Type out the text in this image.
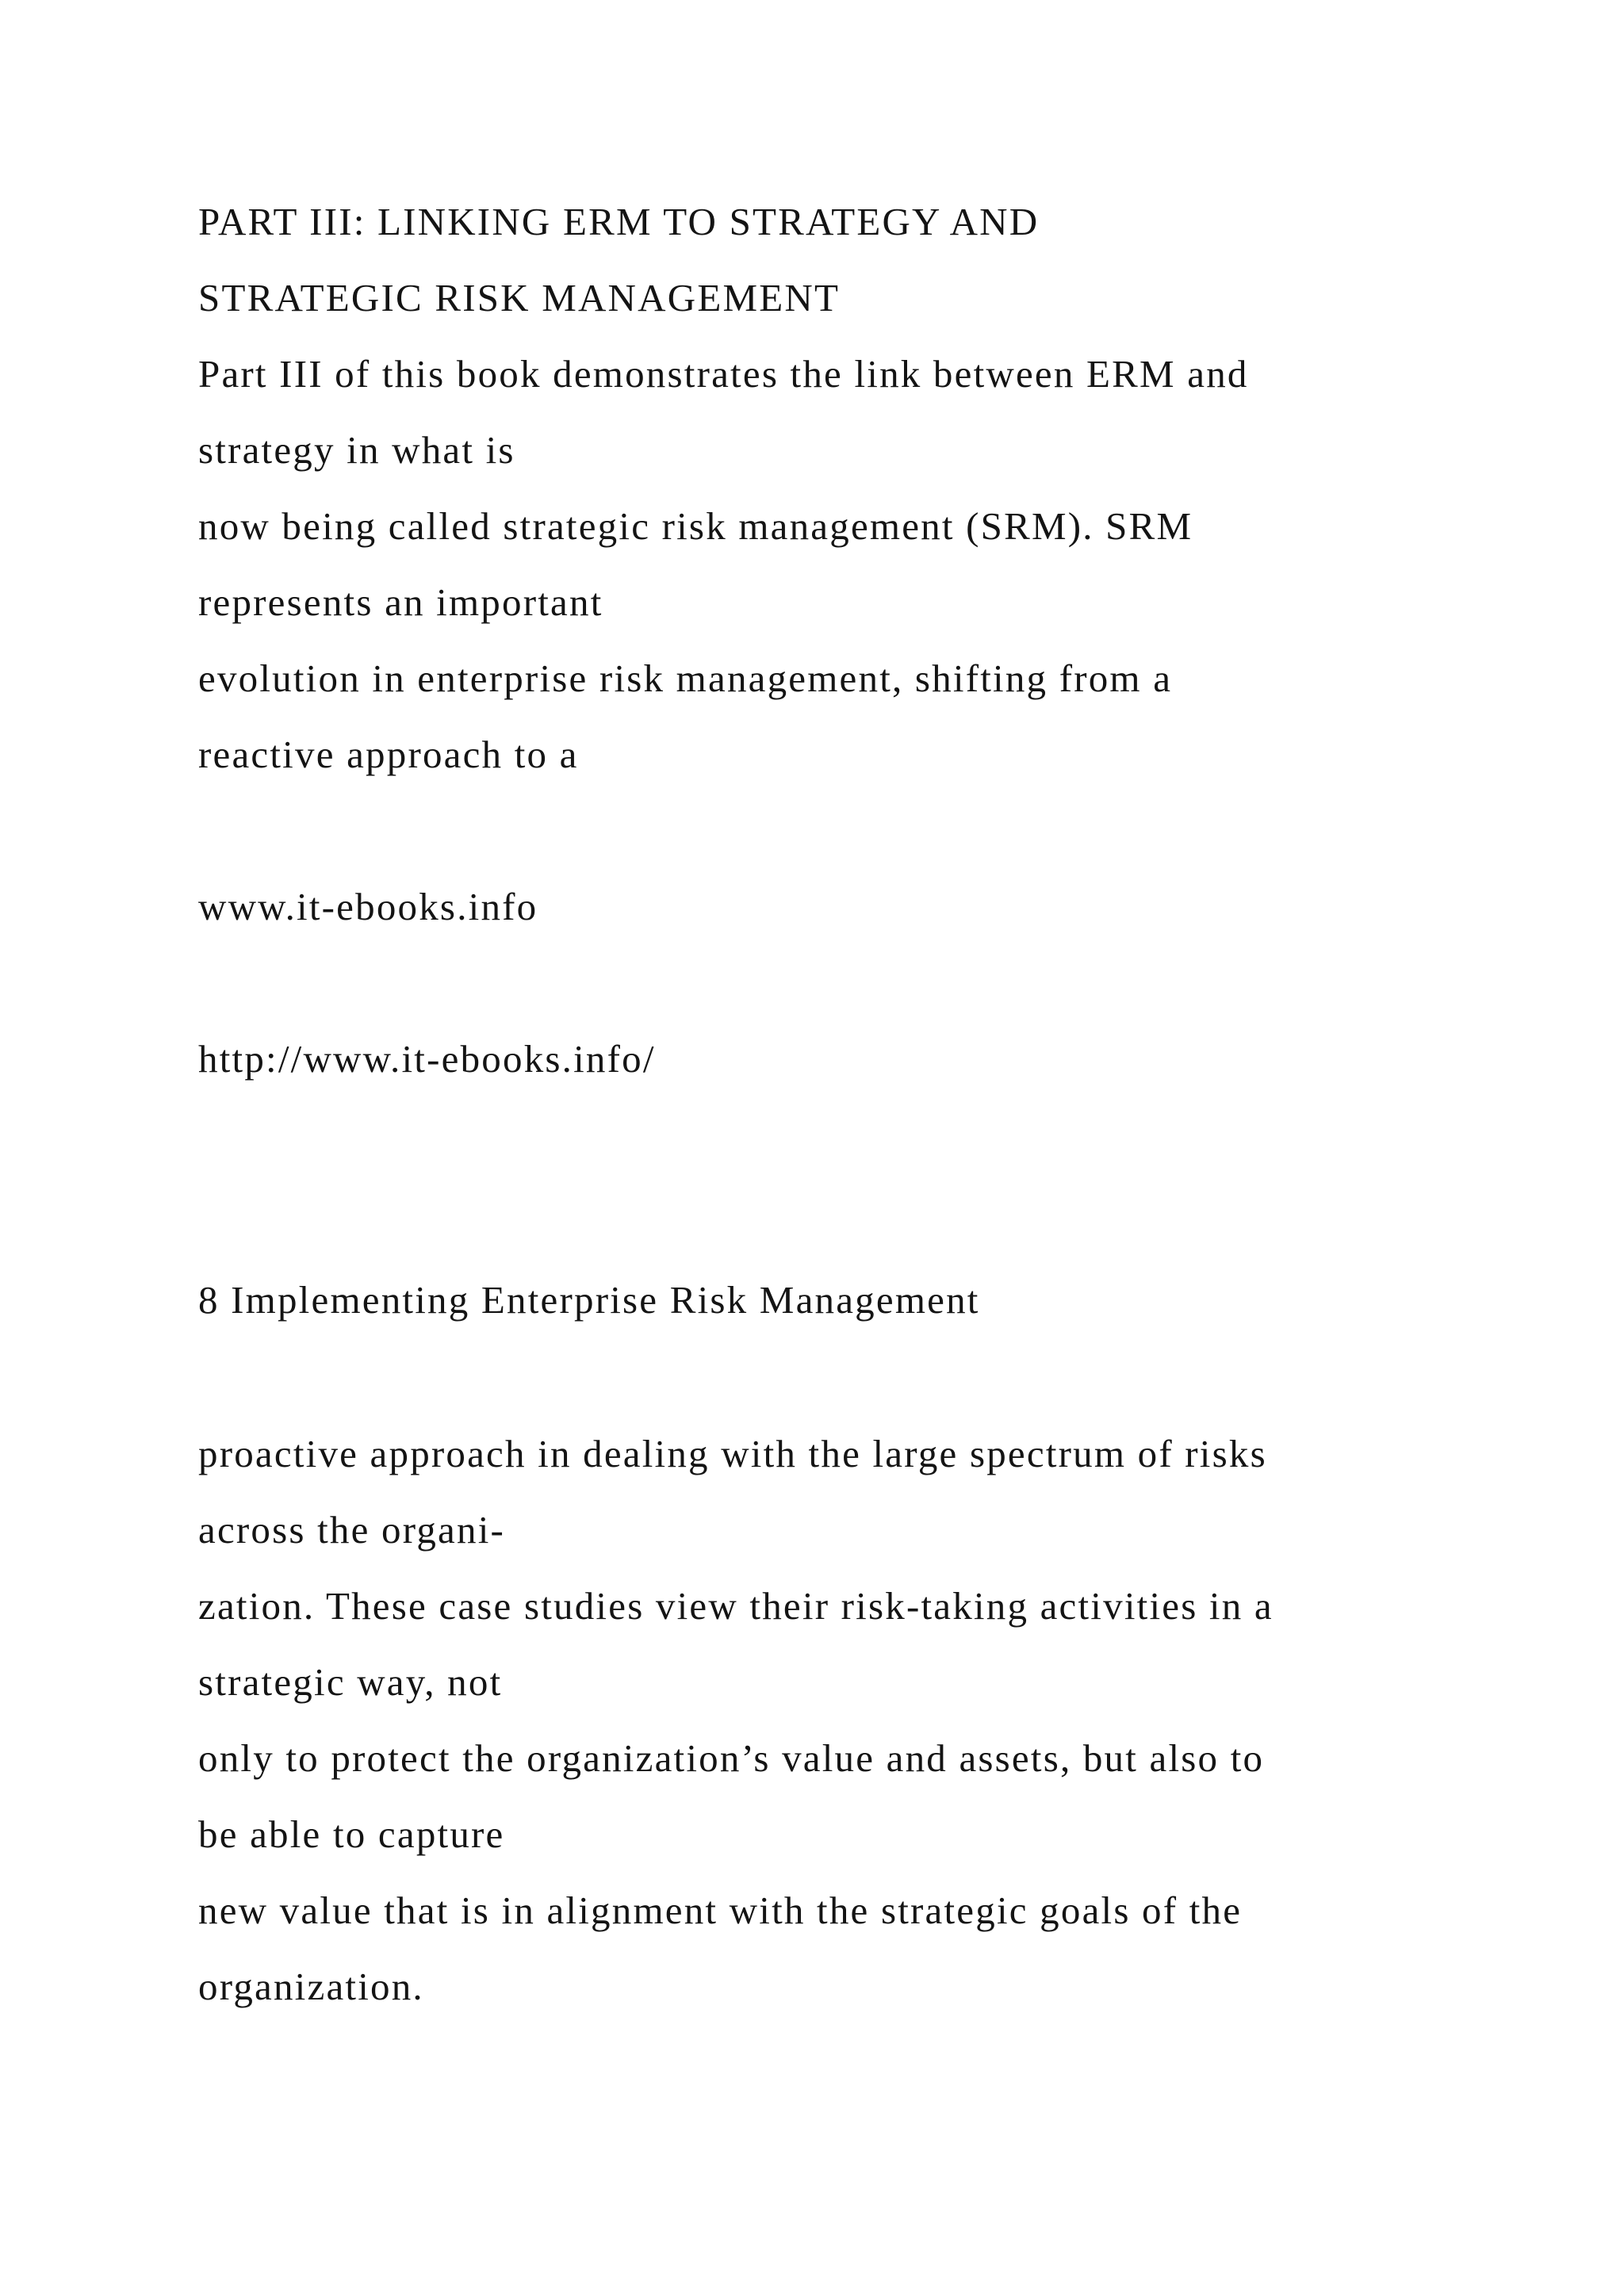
PART III: LINKING ERM TO STRATEGY AND
STRATEGIC RISK MANAGEMENT
Part III of this book demonstrates the link between ERM and
strategy in what is
now being called strategic risk management (SRM). SRM
represents an important
evolution in enterprise risk management, shifting from a
reactive approach to a
www.it-ebooks.info
http://www.it-ebooks.info/
8 Implementing Enterprise Risk Management
proactive approach in dealing with the large spectrum of risks
across the organi-
zation. These case studies view their risk-taking activities in a
strategic way, not
only to protect the organization’s value and assets, but also to
be able to capture
new value that is in alignment with the strategic goals of the
organization.
